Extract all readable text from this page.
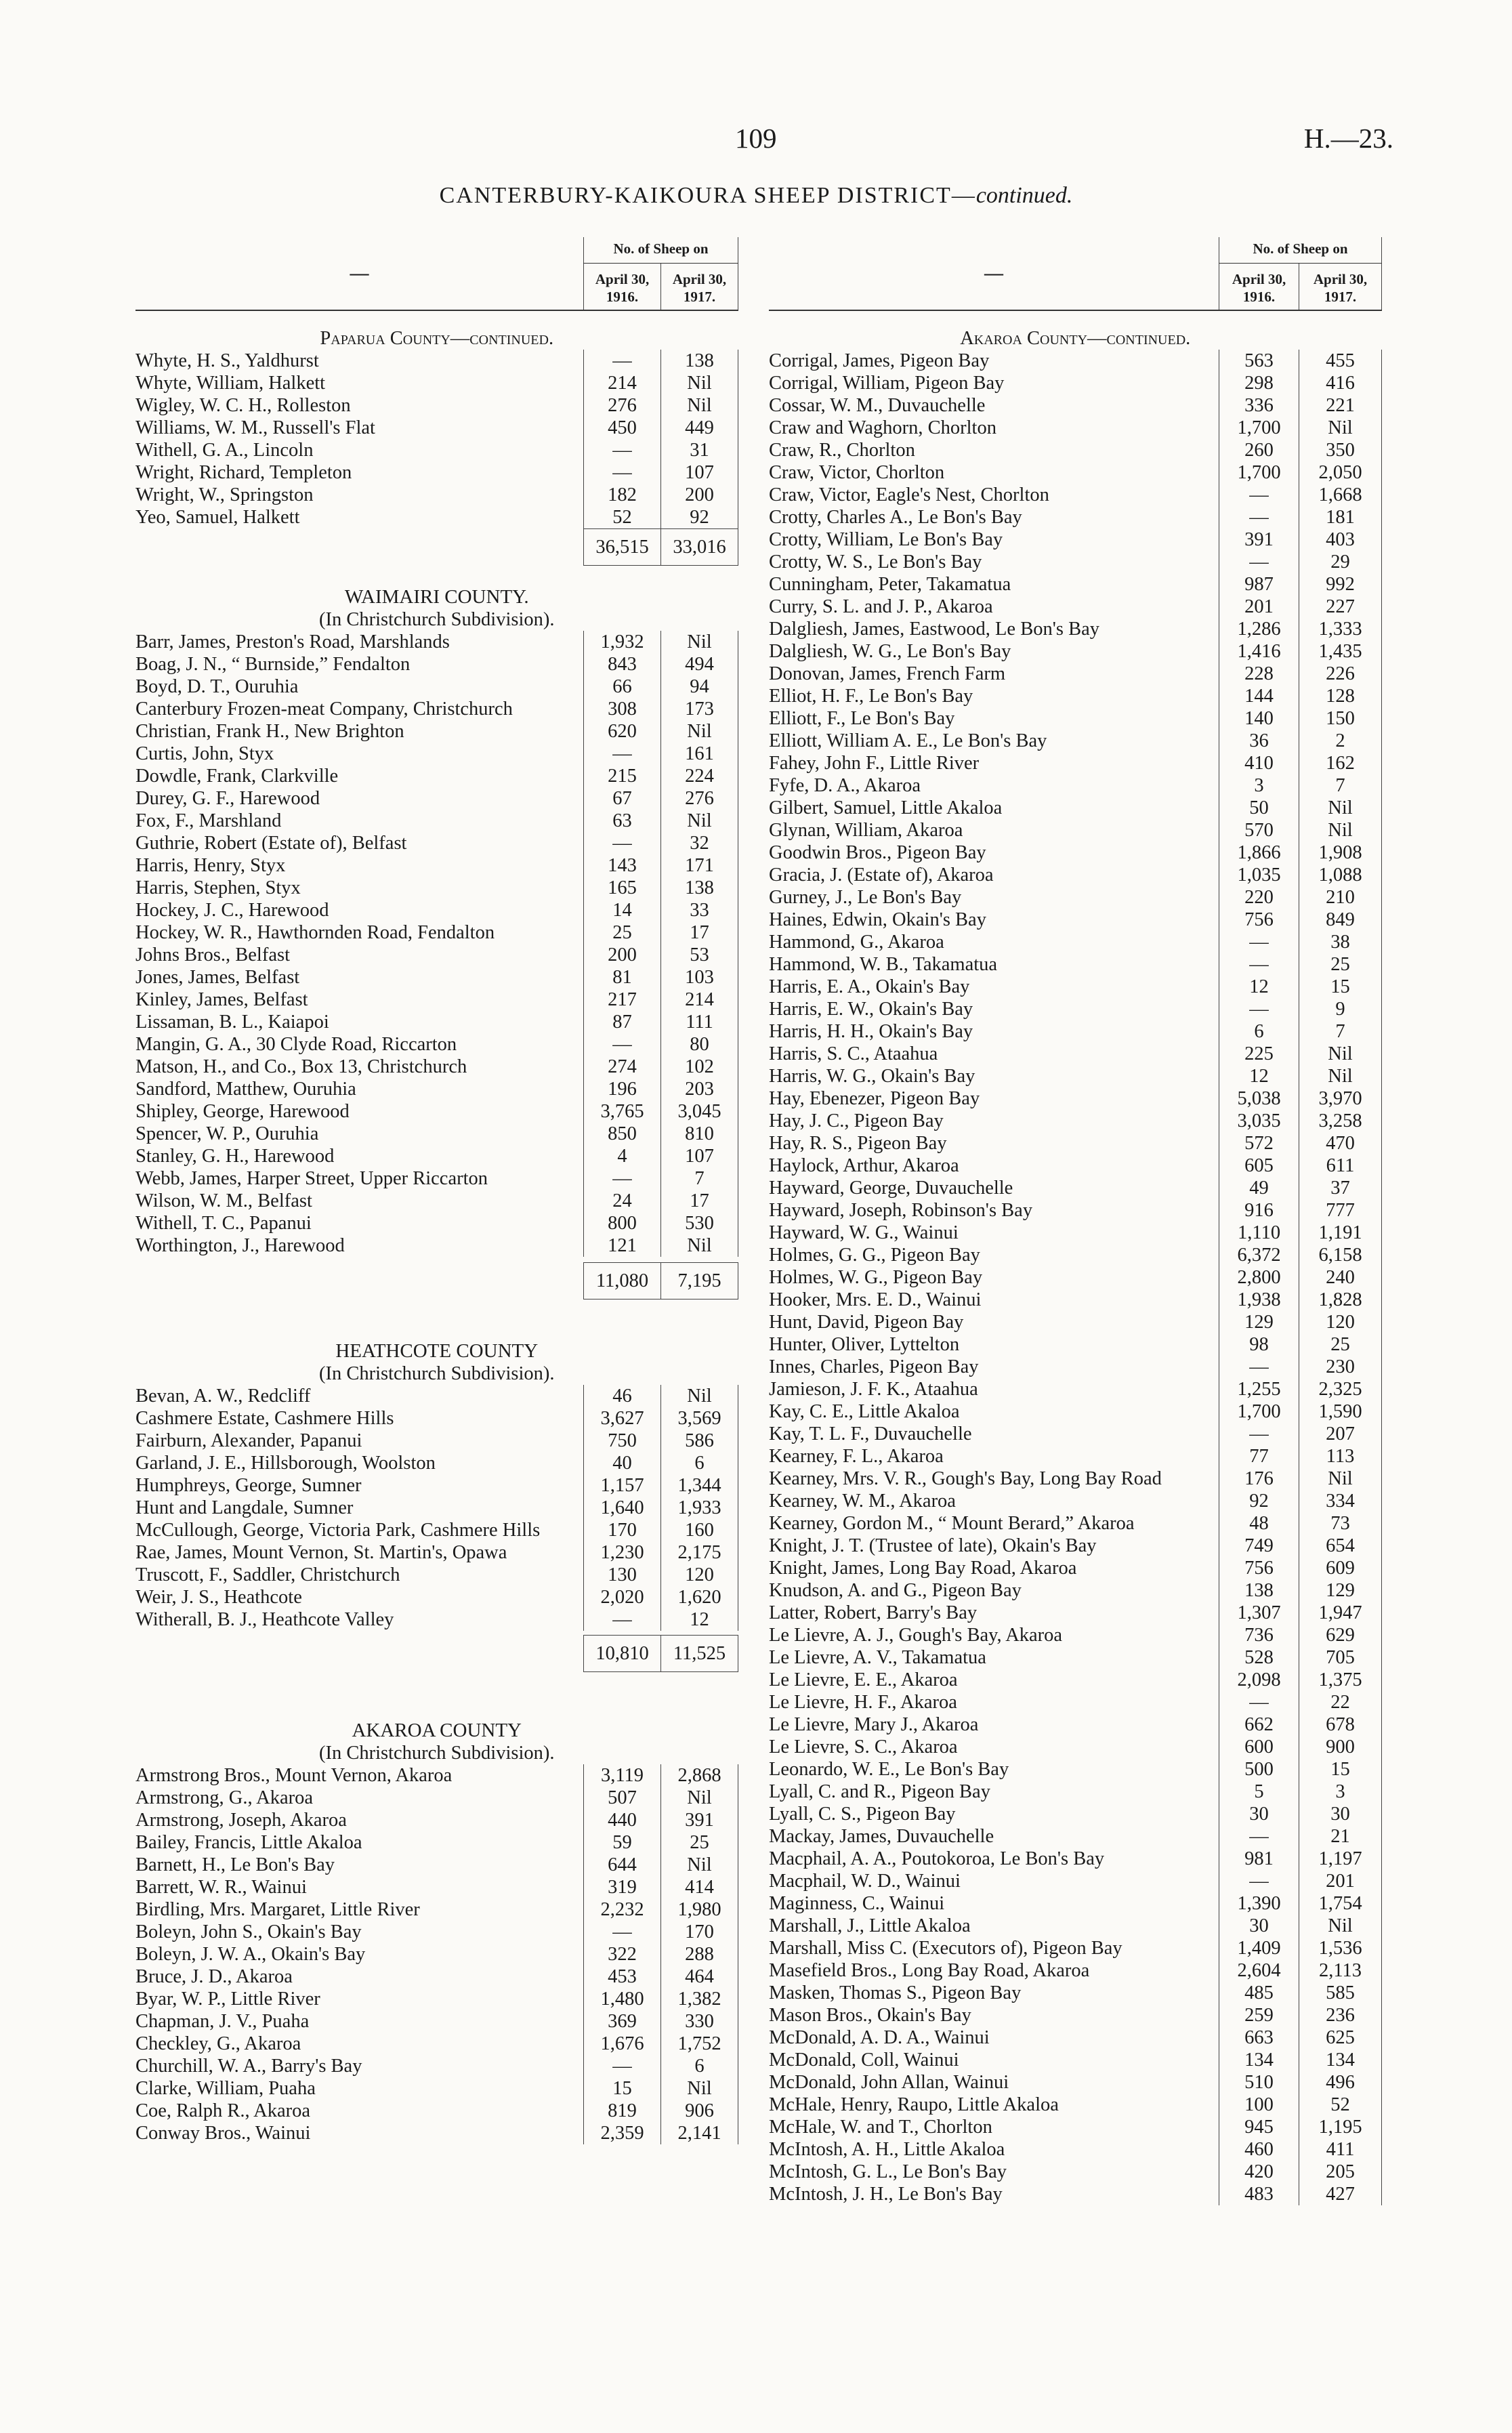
109	H.—23.
CANTERBURY-KAIKOURA SHEEP DISTRICT—continued.
—	No. of Sheep on	
	April 30, 1916.	April 30, 1917.

Paparua County—continued.		
Whyte, H. S., Yaldhurst	—	138
Whyte, William, Halkett	214	Nil
Wigley, W. C. H., Rolleston	276	Nil
Williams, W. M., Russell's Flat	450	449
Withell, G. A., Lincoln	—	31
Wright, Richard, Templeton	—	107
Wright, W., Springston	182	200
Yeo, Samuel, Halkett	52	92
	36,515	33,016
WAIMAIRI COUNTY.		
(In Christchurch Subdivision).		
Barr, James, Preston's Road, Marshlands	1,932	Nil
Boag, J. N., “ Burnside,” Fendalton	843	494
Boyd, D. T., Ouruhia	66	94
Canterbury Frozen-meat Company, Christchurch	308	173
Christian, Frank H., New Brighton	620	Nil
Curtis, John, Styx	—	161
Dowdle, Frank, Clarkville	215	224
Durey, G. F., Harewood	67	276
Fox, F., Marshland	63	Nil
Guthrie, Robert (Estate of), Belfast	—	32
Harris, Henry, Styx	143	171
Harris, Stephen, Styx	165	138
Hockey, J. C., Harewood	14	33
Hockey, W. R., Hawthornden Road, Fendalton	25	17
Johns Bros., Belfast	200	53
Jones, James, Belfast	81	103
Kinley, James, Belfast	217	214
Lissaman, B. L., Kaiapoi	87	111
Mangin, G. A., 30 Clyde Road, Riccarton	—	80
Matson, H., and Co., Box 13, Christchurch	274	102
Sandford, Matthew, Ouruhia	196	203
Shipley, George, Harewood	3,765	3,045
Spencer, W. P., Ouruhia	850	810
Stanley, G. H., Harewood	4	107
Webb, James, Harper Street, Upper Riccarton	—	7
Wilson, W. M., Belfast	24	17
Withell, T. C., Papanui	800	530
Worthington, J., Harewood	121	Nil

	11,080	7,195

HEATHCOTE COUNTY		
(In Christchurch Subdivision).		
Bevan, A. W., Redcliff	46	Nil
Cashmere Estate, Cashmere Hills	3,627	3,569
Fairburn, Alexander, Papanui	750	586
Garland, J. E., Hillsborough, Woolston	40	6
Humphreys, George, Sumner	1,157	1,344
Hunt and Langdale, Sumner	1,640	1,933
McCullough, George, Victoria Park, Cashmere Hills	170	160
Rae, James, Mount Vernon, St. Martin's, Opawa	1,230	2,175
Truscott, F., Saddler, Christchurch	130	120
Weir, J. S., Heathcote	2,020	1,620
Witherall, B. J., Heathcote Valley	—	12

	10,810	11,525

AKAROA COUNTY		
(In Christchurch Subdivision).		
Armstrong Bros., Mount Vernon, Akaroa	3,119	2,868
Armstrong, G., Akaroa	507	Nil
Armstrong, Joseph, Akaroa	440	391
Bailey, Francis, Little Akaloa	59	25
Barnett, H., Le Bon's Bay	644	Nil
Barrett, W. R., Wainui	319	414
Birdling, Mrs. Margaret, Little River	2,232	1,980
Boleyn, John S., Okain's Bay	—	170
Boleyn, J. W. A., Okain's Bay	322	288
Bruce, J. D., Akaroa	453	464
Byar, W. P., Little River	1,480	1,382
Chapman, J. V., Puaha	369	330
Checkley, G., Akaroa	1,676	1,752
Churchill, W. A., Barry's Bay	—	6
Clarke, William, Puaha	15	Nil
Coe, Ralph R., Akaroa	819	906
Conway Bros., Wainui	2,359	2,141
—	No. of Sheep on	
	April 30, 1916.	April 30, 1917.

Akaroa County—continued.		
Corrigal, James, Pigeon Bay	563	455
Corrigal, William, Pigeon Bay	298	416
Cossar, W. M., Duvauchelle	336	221
Craw and Waghorn, Chorlton	1,700	Nil
Craw, R., Chorlton	260	350
Craw, Victor, Chorlton	1,700	2,050
Craw, Victor, Eagle's Nest, Chorlton	—	1,668
Crotty, Charles A., Le Bon's Bay	—	181
Crotty, William, Le Bon's Bay	391	403
Crotty, W. S., Le Bon's Bay	—	29
Cunningham, Peter, Takamatua	987	992
Curry, S. L. and J. P., Akaroa	201	227
Dalgliesh, James, Eastwood, Le Bon's Bay	1,286	1,333
Dalgliesh, W. G., Le Bon's Bay	1,416	1,435
Donovan, James, French Farm	228	226
Elliot, H. F., Le Bon's Bay	144	128
Elliott, F., Le Bon's Bay	140	150
Elliott, William A. E., Le Bon's Bay	36	2
Fahey, John F., Little River	410	162
Fyfe, D. A., Akaroa	3	7
Gilbert, Samuel, Little Akaloa	50	Nil
Glynan, William, Akaroa	570	Nil
Goodwin Bros., Pigeon Bay	1,866	1,908
Gracia, J. (Estate of), Akaroa	1,035	1,088
Gurney, J., Le Bon's Bay	220	210
Haines, Edwin, Okain's Bay	756	849
Hammond, G., Akaroa	—	38
Hammond, W. B., Takamatua	—	25
Harris, E. A., Okain's Bay	12	15
Harris, E. W., Okain's Bay	—	9
Harris, H. H., Okain's Bay	6	7
Harris, S. C., Ataahua	225	Nil
Harris, W. G., Okain's Bay	12	Nil
Hay, Ebenezer, Pigeon Bay	5,038	3,970
Hay, J. C., Pigeon Bay	3,035	3,258
Hay, R. S., Pigeon Bay	572	470
Haylock, Arthur, Akaroa	605	611
Hayward, George, Duvauchelle	49	37
Hayward, Joseph, Robinson's Bay	916	777
Hayward, W. G., Wainui	1,110	1,191
Holmes, G. G., Pigeon Bay	6,372	6,158
Holmes, W. G., Pigeon Bay	2,800	240
Hooker, Mrs. E. D., Wainui	1,938	1,828
Hunt, David, Pigeon Bay	129	120
Hunter, Oliver, Lyttelton	98	25
Innes, Charles, Pigeon Bay	—	230
Jamieson, J. F. K., Ataahua	1,255	2,325
Kay, C. E., Little Akaloa	1,700	1,590
Kay, T. L. F., Duvauchelle	—	207
Kearney, F. L., Akaroa	77	113
Kearney, Mrs. V. R., Gough's Bay, Long Bay Road	176	Nil
Kearney, W. M., Akaroa	92	334
Kearney, Gordon M., “ Mount Berard,” Akaroa	48	73
Knight, J. T. (Trustee of late), Okain's Bay	749	654
Knight, James, Long Bay Road, Akaroa	756	609
Knudson, A. and G., Pigeon Bay	138	129
Latter, Robert, Barry's Bay	1,307	1,947
Le Lievre, A. J., Gough's Bay, Akaroa	736	629
Le Lievre, A. V., Takamatua	528	705
Le Lievre, E. E., Akaroa	2,098	1,375
Le Lievre, H. F., Akaroa	—	22
Le Lievre, Mary J., Akaroa	662	678
Le Lievre, S. C., Akaroa	600	900
Leonardo, W. E., Le Bon's Bay	500	15
Lyall, C. and R., Pigeon Bay	5	3
Lyall, C. S., Pigeon Bay	30	30
Mackay, James, Duvauchelle	—	21
Macphail, A. A., Poutokoroa, Le Bon's Bay	981	1,197
Macphail, W. D., Wainui	—	201
Maginness, C., Wainui	1,390	1,754
Marshall, J., Little Akaloa	30	Nil
Marshall, Miss C. (Executors of), Pigeon Bay	1,409	1,536
Masefield Bros., Long Bay Road, Akaroa	2,604	2,113
Masken, Thomas S., Pigeon Bay	485	585
Mason Bros., Okain's Bay	259	236
McDonald, A. D. A., Wainui	663	625
McDonald, Coll, Wainui	134	134
McDonald, John Allan, Wainui	510	496
McHale, Henry, Raupo, Little Akaloa	100	52
McHale, W. and T., Chorlton	945	1,195
McIntosh, A. H., Little Akaloa	460	411
McIntosh, G. L., Le Bon's Bay	420	205
McIntosh, J. H., Le Bon's Bay	483	427
